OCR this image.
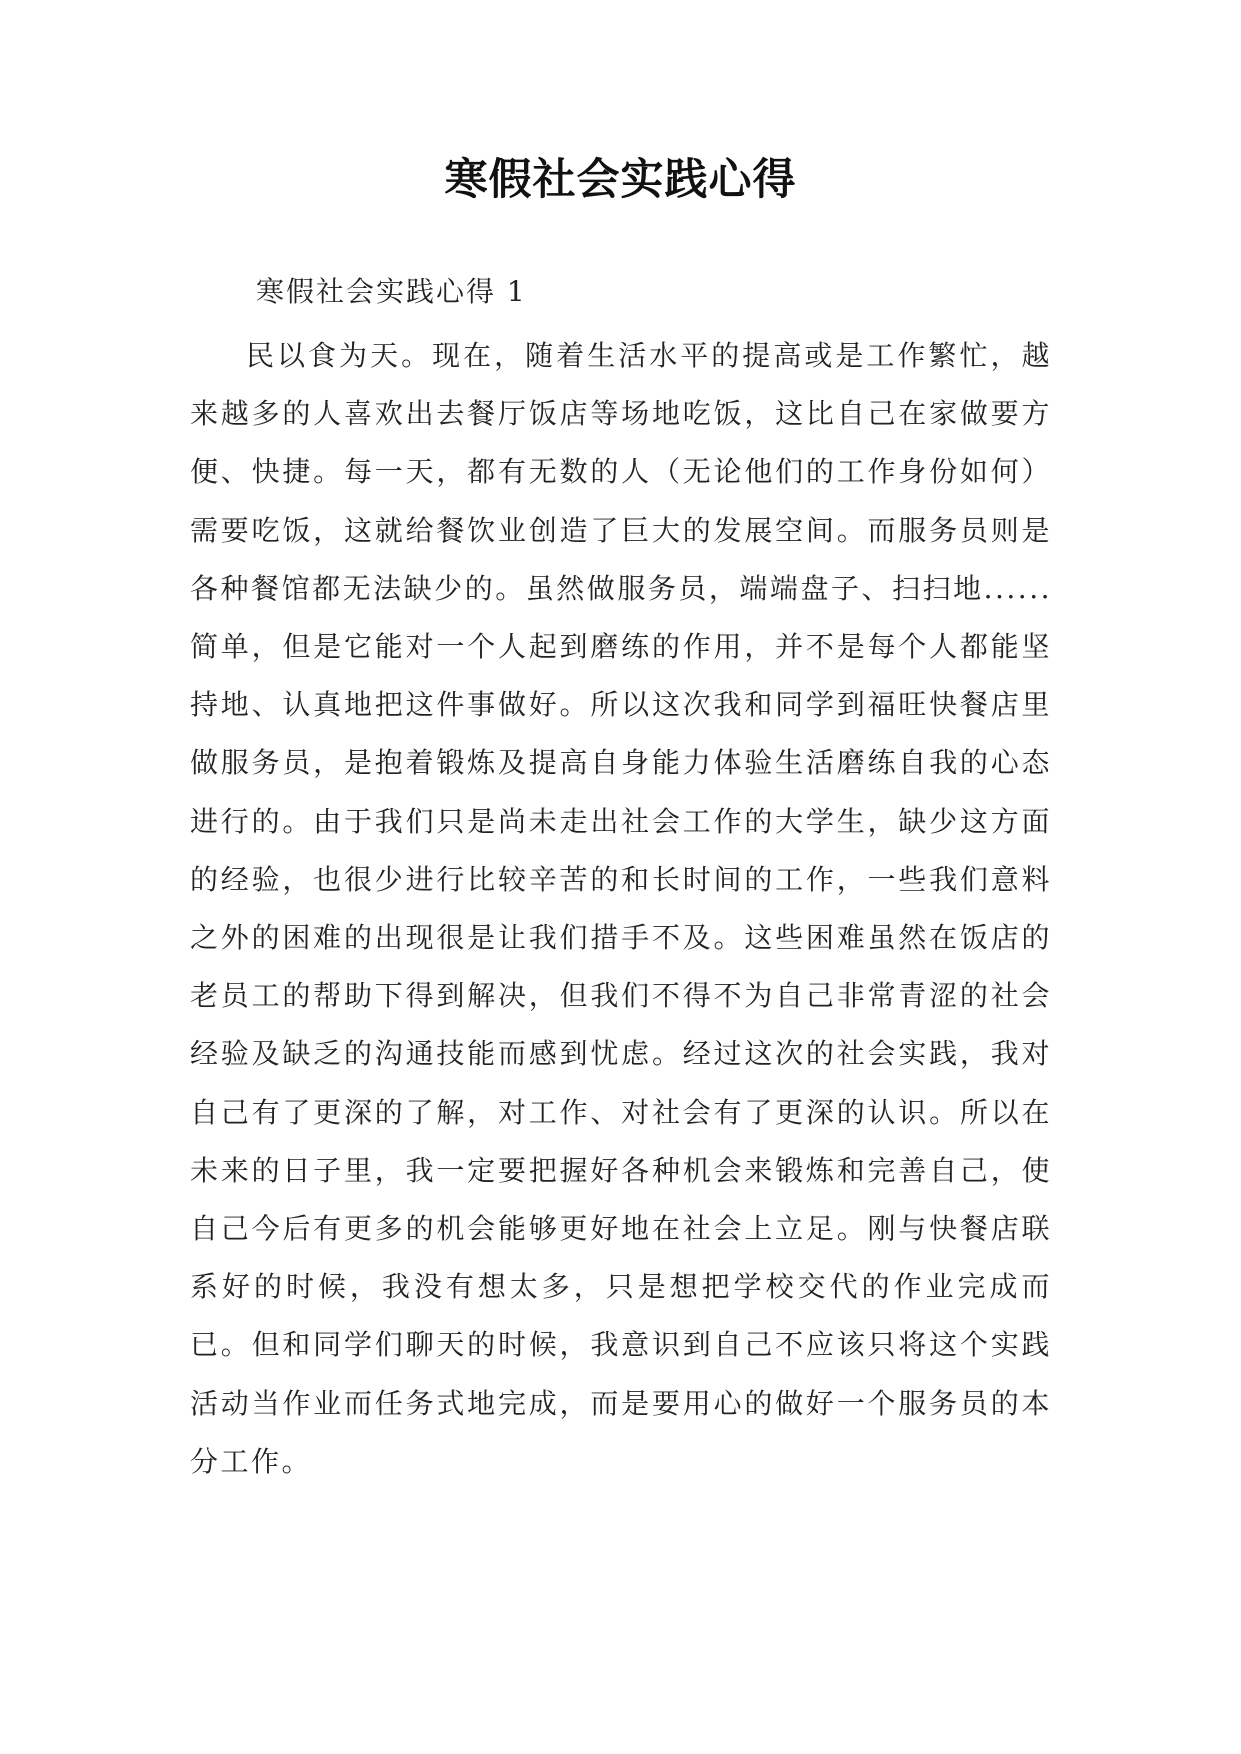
寒假社会实践心得
寒假社会实践心得 1

民以食为天。现在，随着生活水平的提高或是工作繁忙，越来越多的人喜欢出去餐厅饭店等场地吃饭，这比自己在家做要方便、快捷。每一天，都有无数的人（无论他们的工作身份如何）需要吃饭，这就给餐饮业创造了巨大的发展空间。而服务员则是各种餐馆都无法缺少的。虽然做服务员，端端盘子、扫扫地......简单，但是它能对一个人起到磨练的作用，并不是每个人都能坚持地、认真地把这件事做好。所以这次我和同学到福旺快餐店里做服务员，是抱着锻炼及提高自身能力体验生活磨练自我的心态进行的。由于我们只是尚未走出社会工作的大学生，缺少这方面的经验，也很少进行比较辛苦的和长时间的工作，一些我们意料之外的困难的出现很是让我们措手不及。这些困难虽然在饭店的老员工的帮助下得到解决，但我们不得不为自己非常青涩的社会经验及缺乏的沟通技能而感到忧虑。经过这次的社会实践，我对自己有了更深的了解，对工作、对社会有了更深的认识。所以在未来的日子里，我一定要把握好各种机会来锻炼和完善自己，使自己今后有更多的机会能够更好地在社会上立足。刚与快餐店联系好的时候，我没有想太多，只是想把学校交代的作业完成而已。但和同学们聊天的时候，我意识到自己不应该只将这个实践活动当作业而任务式地完成，而是要用心的做好一个服务员的本分工作。
